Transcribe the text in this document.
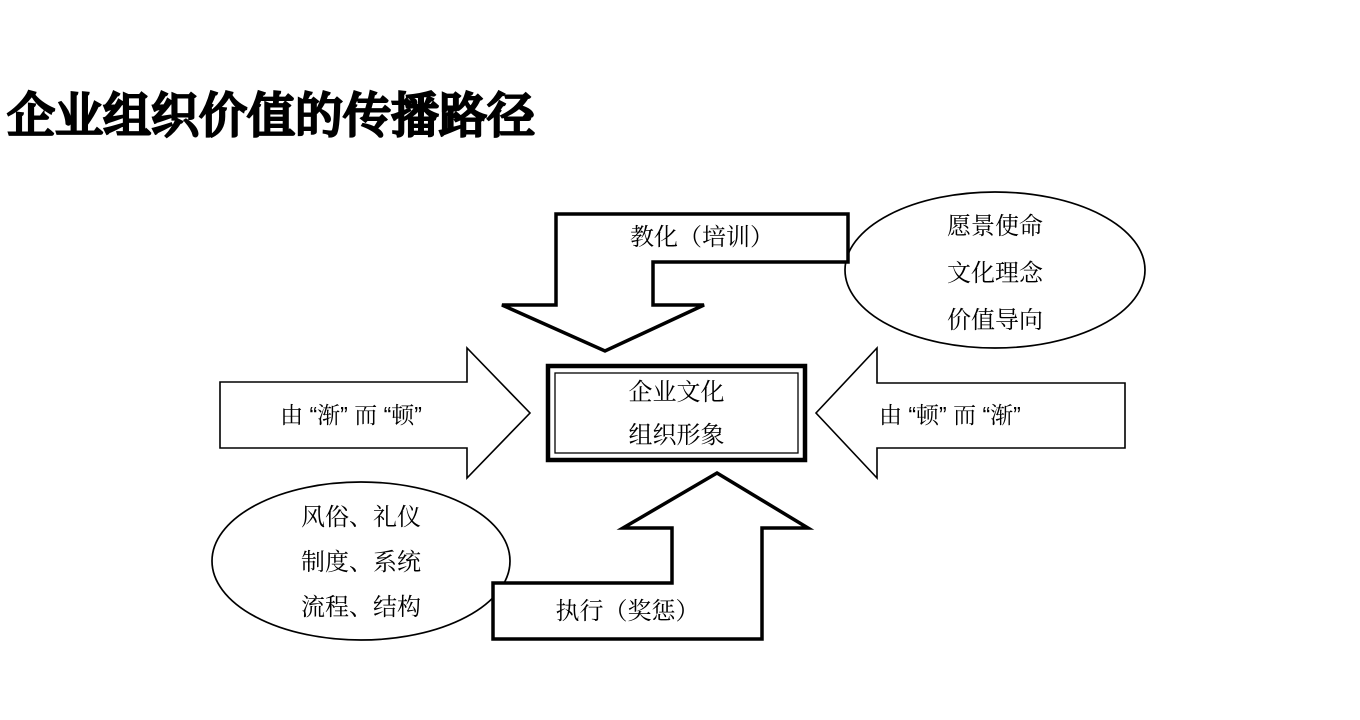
企业组织价值的传播路径
教化（培训）	愿景使命
文化理念
价值导向
企业文化
组织形象
由 “渐” 而 “顿”	由 “顿” 而 “渐”
风俗、礼仪
制度、系统
流程、结构	执行（奖惩）
